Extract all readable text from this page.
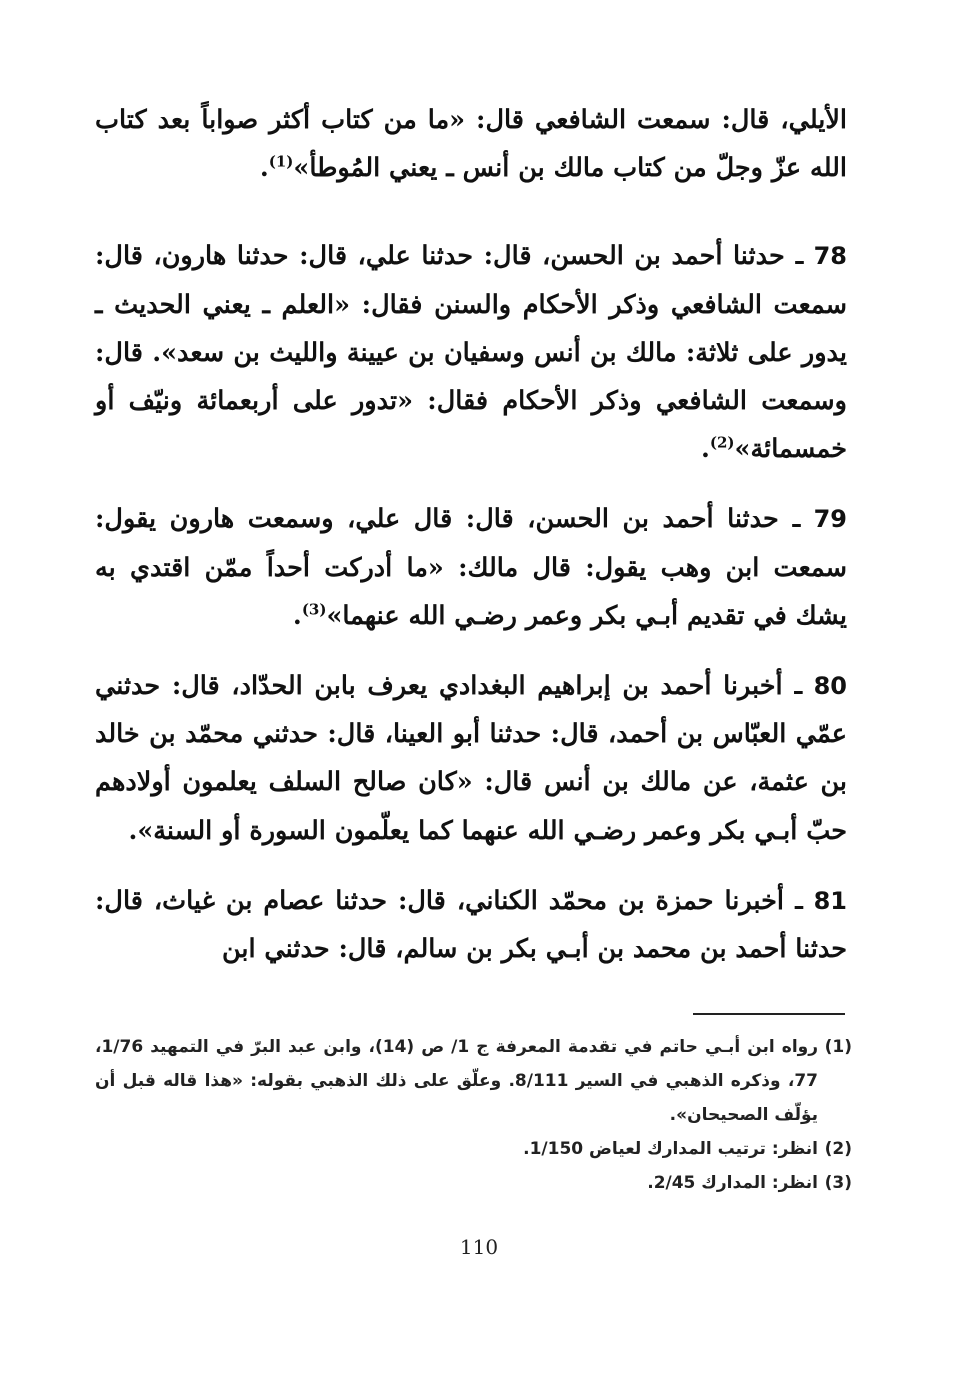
الأيلي، قال: سمعت الشافعي قال: «ما من كتاب أكثر صواباً بعد كتاب الله عزّ وجلّ من كتاب مالك بن أنس ـ يعني المُوطأ»$^{(1)}$.

78 ـ حدثنا أحمد بن الحسن، قال: حدثنا علي، قال: حدثنا هارون، قال: سمعت الشافعي وذكر الأحكام والسنن فقال: «العلم ـ يعني الحديث ـ يدور على ثلاثة: مالك بن أنس وسفيان بن عيينة والليث بن سعد». قال: وسمعت الشافعي وذكر الأحكام فقال: «تدور على أربعمائة ونيّف أو خمسمائة»$^{(2)}$.

79 ـ حدثنا أحمد بن الحسن، قال: قال علي، وسمعت هارون يقول: سمعت ابن وهب يقول: قال مالك: «ما أدركت أحداً ممّن اقتدي به يشك في تقديم أبـي بكر وعمر رضـي الله عنهما»$^{(3)}$.

80 ـ أخبرنا أحمد بن إبراهيم البغدادي يعرف بابن الحدّاد، قال: حدثني عمّي العبّاس بن أحمد، قال: حدثنا أبو العينا، قال: حدثني محمّد بن خالد بن عثمة، عن مالك بن أنس قال: «كان صالح السلف يعلمون أولادهم حبّ أبـي بكر وعمر رضـي الله عنهما كما يعلّمون السورة أو السنة».

81 ـ أخبرنا حمزة بن محمّد الكناني، قال: حدثنا عصام بن غياث، قال: حدثنا أحمد بن محمد بن أبـي بكر بن سالم، قال: حدثني ابن

(1)رواه ابن أبـي حاتم في تقدمة المعرفة ج 1/ ص (14)، وابن عبد البرّ في التمهيد 1/76، 77، وذكره الذهبي في السير 8/111. وعلّق على ذلك الذهبي بقوله: «هذا قاله قبل أن يؤلّف الصحيحان».

(2)انظر: ترتيب المدارك لعياض 1/150.

(3)انظر: المدارك 2/45.

110
